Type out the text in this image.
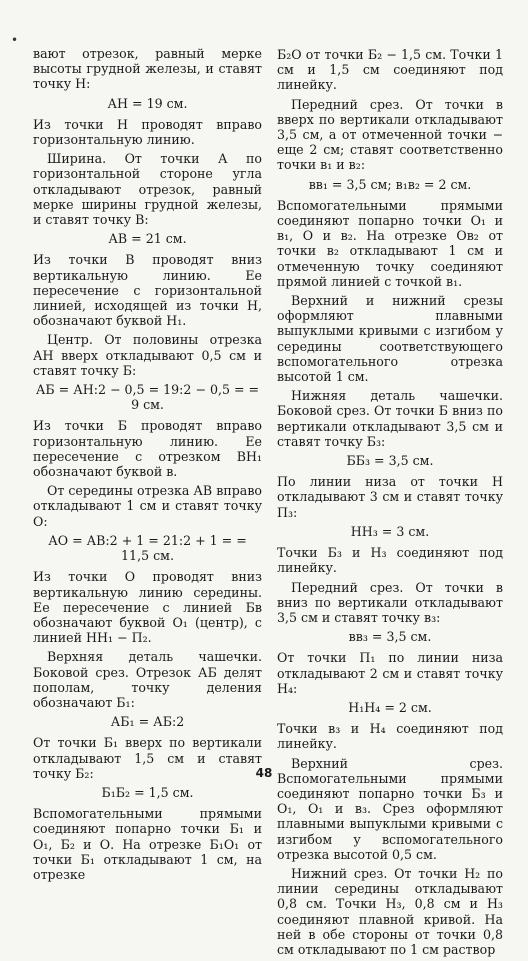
•

вают отрезок, равный мерке высоты грудной железы, и ставят точку Н:

АН = 19 см.

Из точки Н проводят вправо горизонтальную линию.

Ширина. От точки А по горизонтальной стороне угла откладывают отрезок, равный мерке ширины грудной железы, и ставят точку В:

АВ = 21 см.

Из точки В проводят вниз вертикальную линию. Ее пересечение с горизонтальной линией, исходящей из точки Н, обозначают буквой Н₁.

Центр. От половины отрезка АН вверх откладывают 0,5 см и ставят точку Б:

АБ = АН:2 − 0,5 = 19:2 − 0,5 = = 9 см.

Из точки Б проводят вправо горизонтальную линию. Ее пересечение с отрезком ВН₁ обозначают буквой в.

От середины отрезка АВ вправо откладывают 1 см и ставят точку О:

АО = АВ:2 + 1 = 21:2 + 1 = = 11,5 см.

Из точки О проводят вниз вертикальную линию середины. Ее пересечение с линией Бв обозначают буквой О₁ (центр), с линией НН₁ − П₂.

Верхняя деталь чашечки. Боковой срез. Отрезок АБ делят пополам, точку деления обозначают Б₁:

АБ₁ = АБ:2

От точки Б₁ вверх по вертикали откладывают 1,5 см и ставят точку Б₂:

Б₁Б₂ = 1,5 см.

Вспомогательными прямыми соединяют попарно точки Б₁ и О₁, Б₂ и О. На отрезке Б₁О₁ от точки Б₁ откладывают 1 см, на отрезке

Б₂О от точки Б₂ − 1,5 см. Точки 1 см и 1,5 см соединяют под линейку.

Передний срез. От точки в вверх по вертикали откладывают 3,5 см, а от отмеченной точки − еще 2 см; ставят соответственно точки в₁ и в₂:

вв₁ = 3,5 см; в₁в₂ = 2 см.

Вспомогательными прямыми соединяют попарно точки О₁ и в₁, О и в₂. На отрезке Ов₂ от точки в₂ откладывают 1 см и отмеченную точку соединяют прямой линией с точкой в₁.

Верхний и нижний срезы оформляют плавными выпуклыми кривыми с изгибом у середины соответствующего вспомогательного отрезка высотой 1 см.

Нижняя деталь чашечки. Боковой срез. От точки Б вниз по вертикали откладывают 3,5 см и ставят точку Б₃:

ББ₃ = 3,5 см.

По линии низа от точки Н откладывают 3 см и ставят точку П₃:

НН₃ = 3 см.

Точки Б₃ и Н₃ соединяют под линейку.

Передний срез. От точки в вниз по вертикали откладывают 3,5 см и ставят точку в₃:

вв₃ = 3,5 см.

От точки П₁ по линии низа откладывают 2 см и ставят точку Н₄:

Н₁Н₄ = 2 см.

Точки в₃ и Н₄ соединяют под линейку.

Верхний срез. Вспомогательными прямыми соединяют попарно точки Б₃ и О₁, О₁ и в₃. Срез оформляют плавными выпуклыми кривыми с изгибом у вспомогательного отрезка высотой 0,5 см.

Нижний срез. От точки Н₂ по линии середины откладывают 0,8 см. Точки Н₃, 0,8 см и Н₃ соединяют плавной кривой. На ней в обе стороны от точки 0,8 см откладывают по 1 см раствор

48
